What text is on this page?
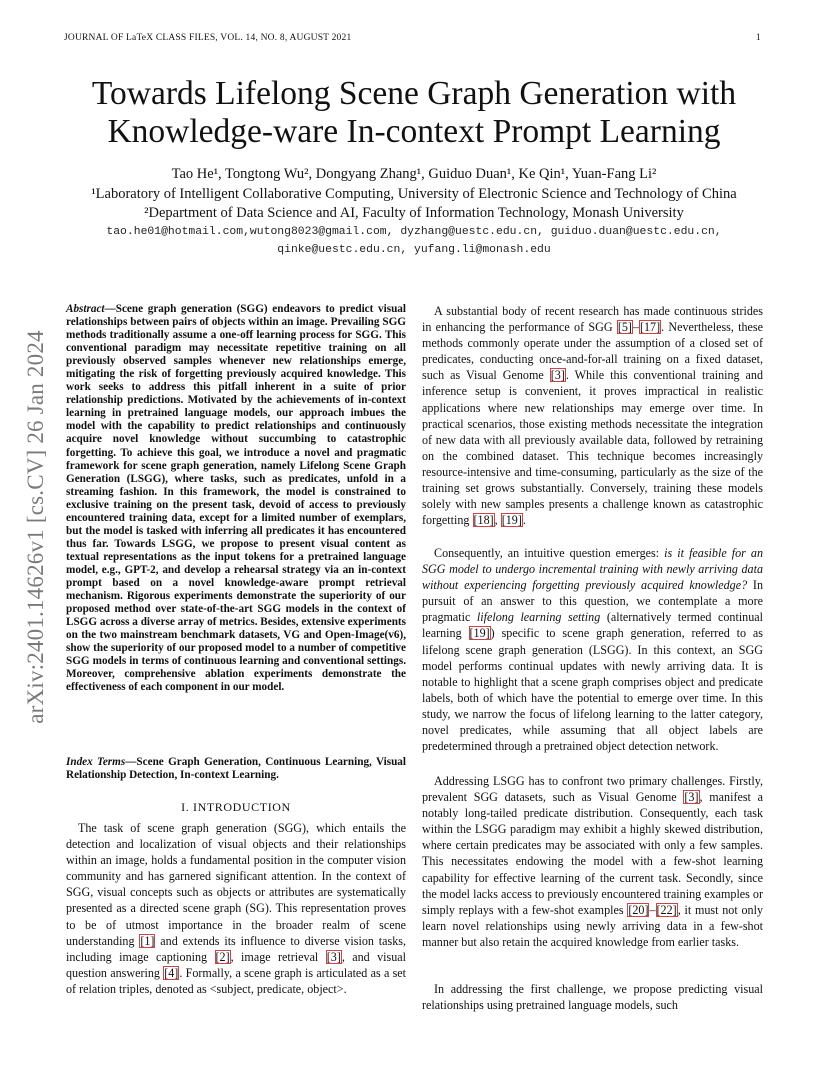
JOURNAL OF LaTeX CLASS FILES, VOL. 14, NO. 8, AUGUST 2021	1
Towards Lifelong Scene Graph Generation with
Knowledge-ware In-context Prompt Learning
Tao He¹, Tongtong Wu², Dongyang Zhang¹, Guiduo Duan¹, Ke Qin¹, Yuan-Fang Li²
¹Laboratory of Intelligent Collaborative Computing, University of Electronic Science and Technology of China
²Department of Data Science and AI, Faculty of Information Technology, Monash University
tao.he01@hotmail.com,wutong8023@gmail.com, dyzhang@uestc.edu.cn, guiduo.duan@uestc.edu.cn,
qinke@uestc.edu.cn, yufang.li@monash.edu
arXiv:2401.14626v1 [cs.CV] 26 Jan 2024
Abstract—Scene graph generation (SGG) endeavors to predict visual relationships between pairs of objects within an image. Prevailing SGG methods traditionally assume a one-off learning process for SGG. This conventional paradigm may necessitate repetitive training on all previously observed samples whenever new relationships emerge, mitigating the risk of forgetting previously acquired knowledge. This work seeks to address this pitfall inherent in a suite of prior relationship predictions. Motivated by the achievements of in-context learning in pretrained language models, our approach imbues the model with the capability to predict relationships and continuously acquire novel knowledge without succumbing to catastrophic forgetting. To achieve this goal, we introduce a novel and pragmatic framework for scene graph generation, namely Lifelong Scene Graph Generation (LSGG), where tasks, such as predicates, unfold in a streaming fashion. In this framework, the model is constrained to exclusive training on the present task, devoid of access to previously encountered training data, except for a limited number of exemplars, but the model is tasked with inferring all predicates it has encountered thus far. Towards LSGG, we propose to present visual content as textual representations as the input tokens for a pretrained language model, e.g., GPT-2, and develop a rehearsal strategy via an in-context prompt based on a novel knowledge-aware prompt retrieval mechanism. Rigorous experiments demonstrate the superiority of our proposed method over state-of-the-art SGG models in the context of LSGG across a diverse array of metrics. Besides, extensive experiments on the two mainstream benchmark datasets, VG and Open-Image(v6), show the superiority of our proposed model to a number of competitive SGG models in terms of continuous learning and conventional settings. Moreover, comprehensive ablation experiments demonstrate the effectiveness of each component in our model.
Index Terms—Scene Graph Generation, Continuous Learning, Visual Relationship Detection, In-context Learning.
I. INTRODUCTION

The task of scene graph generation (SGG), which entails the detection and localization of visual objects and their relationships within an image, holds a fundamental position in the computer vision community and has garnered significant attention. In the context of SGG, visual concepts such as objects or attributes are systematically presented as a directed scene graph (SG). This representation proves to be of utmost importance in the broader realm of scene understanding [1] and extends its influence to diverse vision tasks, including image captioning [2], image retrieval [3], and visual question answering [4]. Formally, a scene graph is articulated as a set of relation triples, denoted as <subject, predicate, object>.

A substantial body of recent research has made continuous strides in enhancing the performance of SGG [5]–[17]. Nevertheless, these methods commonly operate under the assumption of a closed set of predicates, conducting once-and-for-all training on a fixed dataset, such as Visual Genome [3]. While this conventional training and inference setup is convenient, it proves impractical in realistic applications where new relationships may emerge over time. In practical scenarios, those existing methods necessitate the integration of new data with all previously available data, followed by retraining on the combined dataset. This technique becomes increasingly resource-intensive and time-consuming, particularly as the size of the training set grows substantially. Conversely, training these models solely with new samples presents a challenge known as catastrophic forgetting [18], [19].

Consequently, an intuitive question emerges: is it feasible for an SGG model to undergo incremental training with newly arriving data without experiencing forgetting previously acquired knowledge? In pursuit of an answer to this question, we contemplate a more pragmatic lifelong learning setting (alternatively termed continual learning [19]) specific to scene graph generation, referred to as lifelong scene graph generation (LSGG). In this context, an SGG model performs continual updates with newly arriving data. It is notable to highlight that a scene graph comprises object and predicate labels, both of which have the potential to emerge over time. In this study, we narrow the focus of lifelong learning to the latter category, novel predicates, while assuming that all object labels are predetermined through a pretrained object detection network.

Addressing LSGG has to confront two primary challenges. Firstly, prevalent SGG datasets, such as Visual Genome [3], manifest a notably long-tailed predicate distribution. Consequently, each task within the LSGG paradigm may exhibit a highly skewed distribution, where certain predicates may be associated with only a few samples. This necessitates endowing the model with a few-shot learning capability for effective learning of the current task. Secondly, since the model lacks access to previously encountered training examples or simply replays with a few-shot examples [20]–[22], it must not only learn novel relationships using newly arriving data in a few-shot manner but also retain the acquired knowledge from earlier tasks.

In addressing the first challenge, we propose predicting visual relationships using pretrained language models, such
